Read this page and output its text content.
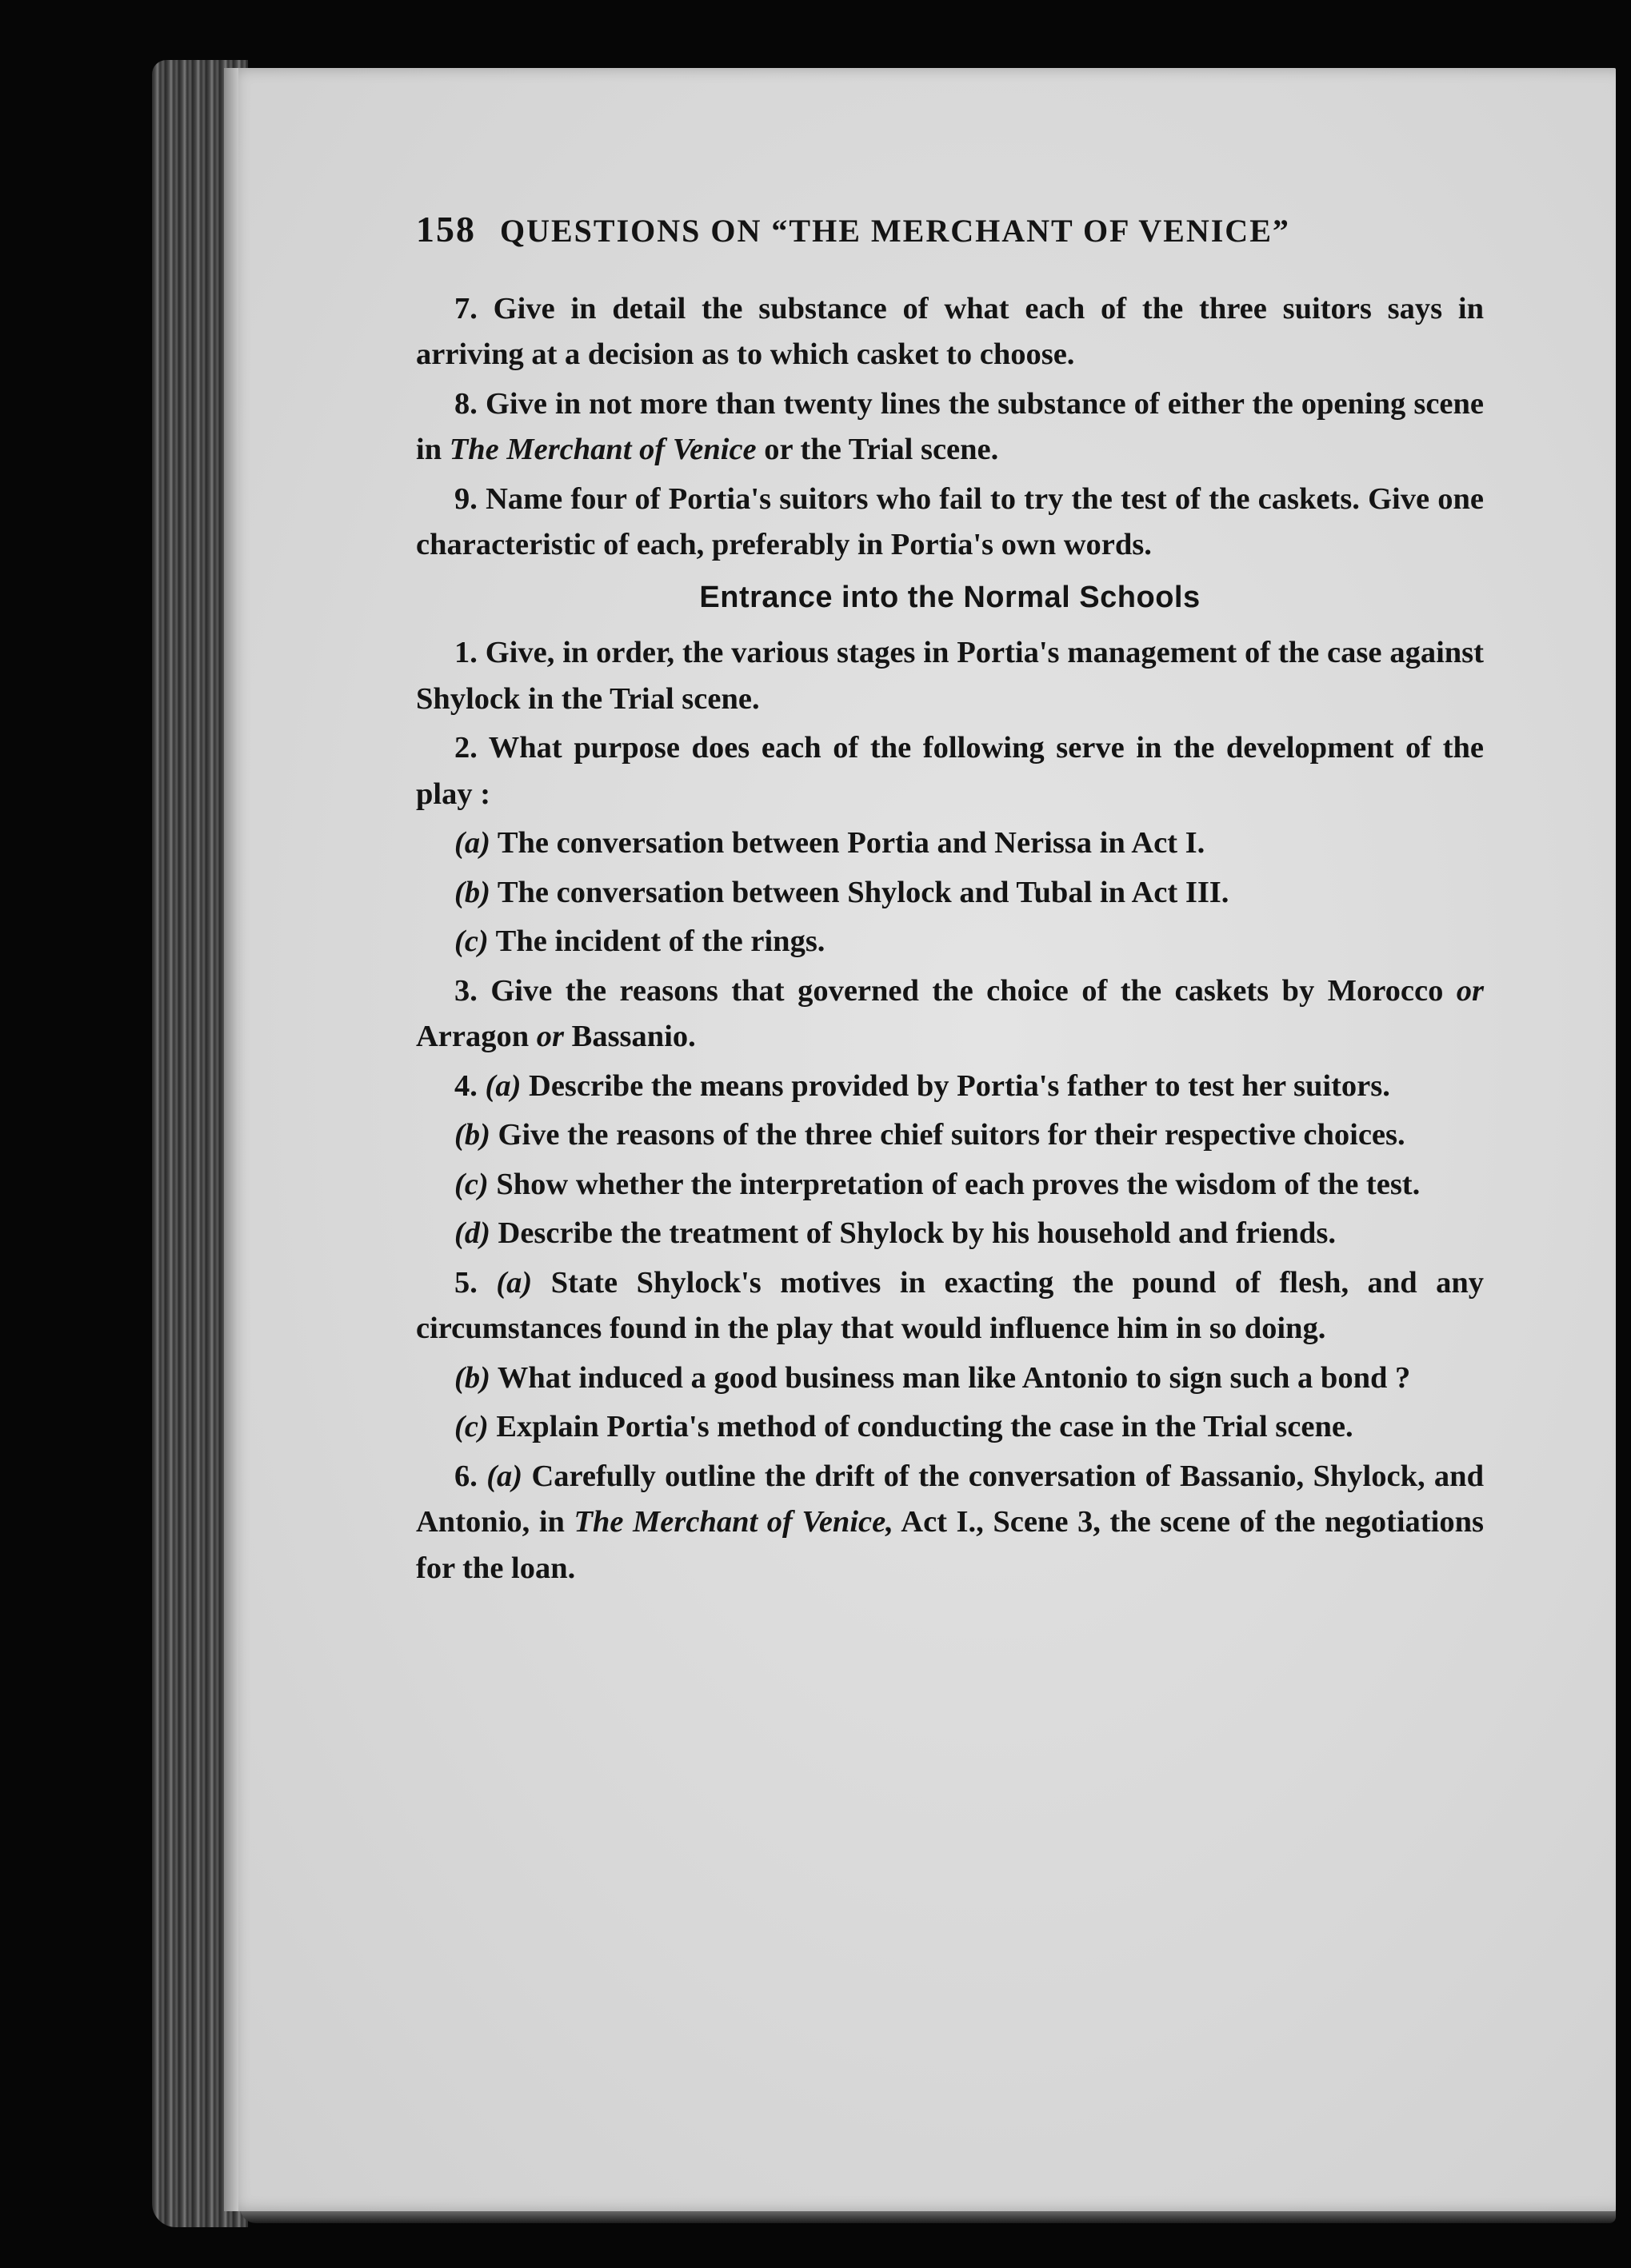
158 QUESTIONS ON “THE MERCHANT OF VENICE”

7. Give in detail the substance of what each of the three suitors says in arriving at a decision as to which casket to choose.

8. Give in not more than twenty lines the substance of either the opening scene in The Merchant of Venice or the Trial scene.

9. Name four of Portia's suitors who fail to try the test of the caskets. Give one characteristic of each, preferably in Portia's own words.

Entrance into the Normal Schools

1. Give, in order, the various stages in Portia's management of the case against Shylock in the Trial scene.

2. What purpose does each of the following serve in the development of the play :

(a) The conversation between Portia and Nerissa in Act I.

(b) The conversation between Shylock and Tubal in Act III.

(c) The incident of the rings.

3. Give the reasons that governed the choice of the caskets by Morocco or Arragon or Bassanio.

4. (a) Describe the means provided by Portia's father to test her suitors.

(b) Give the reasons of the three chief suitors for their respective choices.

(c) Show whether the interpretation of each proves the wisdom of the test.

(d) Describe the treatment of Shylock by his household and friends.

5. (a) State Shylock's motives in exacting the pound of flesh, and any circumstances found in the play that would influence him in so doing.

(b) What induced a good business man like Antonio to sign such a bond ?

(c) Explain Portia's method of conducting the case in the Trial scene.

6. (a) Carefully outline the drift of the conversation of Bassanio, Shylock, and Antonio, in The Merchant of Venice, Act I., Scene 3, the scene of the negotiations for the loan.
